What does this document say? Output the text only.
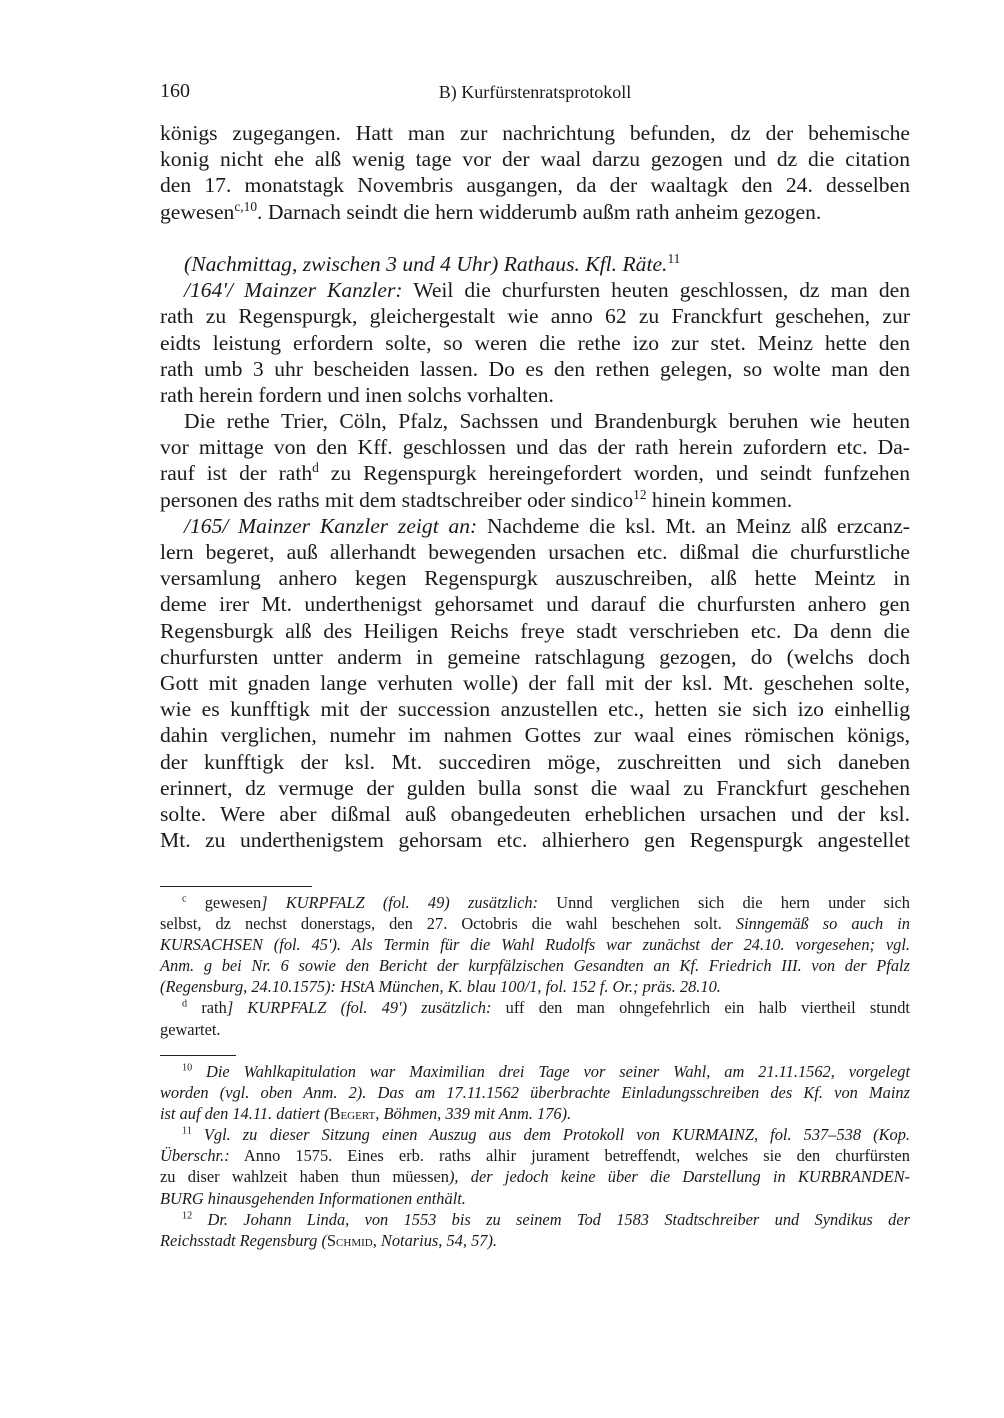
160	B) Kurfürstenratsprotokoll
königs zugegangen. Hatt man zur nachrichtung befunden, dz der behemische
konig nicht ehe alß wenig tage vor der waal darzu gezogen und dz die citation
den 17. monatstagk Novembris ausgangen, da der waaltagk den 24. desselben
gewesen$^{c,10}$. Darnach seindt die hern widderumb außm rath anheim gezogen.
(Nachmittag, zwischen 3 und 4 Uhr) Rathaus. Kfl. Räte.$^{11}$
/164'/ Mainzer Kanzler: Weil die churfursten heuten geschlossen, dz man den
rath zu Regenspurgk, gleichergestalt wie anno 62 zu Franckfurt geschehen, zur
eidts leistung erfordern solte, so weren die rethe izo zur stet. Meinz hette den
rath umb 3 uhr bescheiden lassen. Do es den rethen gelegen, so wolte man den
rath herein fordern und inen solchs vorhalten.
Die rethe Trier, Cöln, Pfalz, Sachssen und Brandenburgk beruhen wie heuten
vor mittage von den Kff. geschlossen und das der rath herein zufordern etc. Da-
rauf ist der rath$^d$ zu Regenspurgk hereingefordert worden, und seindt funfzehen
personen des raths mit dem stadtschreiber oder sindico$^{12}$ hinein kommen.
/165/ Mainzer Kanzler zeigt an: Nachdeme die ksl. Mt. an Meinz alß erzcanz-
lern begeret, auß allerhandt bewegenden ursachen etc. dißmal die churfurstliche
versamlung anhero kegen Regenspurgk auszuschreiben, alß hette Meintz in
deme irer Mt. underthenigst gehorsamet und darauf die churfursten anhero gen
Regensburgk alß des Heiligen Reichs freye stadt verschrieben etc. Da denn die
churfursten untter anderm in gemeine ratschlagung gezogen, do (welchs doch
Gott mit gnaden lange verhuten wolle) der fall mit der ksl. Mt. geschehen solte,
wie es kunfftigk mit der succession anzustellen etc., hetten sie sich izo einhellig
dahin verglichen, numehr im nahmen Gottes zur waal eines römischen königs,
der kunfftigk der ksl. Mt. succediren möge, zuschreitten und sich daneben
erinnert, dz vermuge der gulden bulla sonst die waal zu Franckfurt geschehen
solte. Were aber dißmal auß obangedeuten erheblichen ursachen und der ksl.
Mt. zu underthenigstem gehorsam etc. alhierhero gen Regenspurgk angestellet
$^c$ gewesen] KURPFALZ (fol. 49) zusätzlich: Unnd verglichen sich die hern under sich
selbst, dz nechst donerstags, den 27. Octobris die wahl beschehen solt. Sinngemäß so auch in
KURSACHSEN (fol. 45'). Als Termin für die Wahl Rudolfs war zunächst der 24.10. vorgesehen; vgl.
Anm. g bei Nr. 6 sowie den Bericht der kurpfälzischen Gesandten an Kf. Friedrich III. von der Pfalz
(Regensburg, 24.10.1575): HStA München, K. blau 100/1, fol. 152 f. Or.; präs. 28.10.
$^d$ rath] KURPFALZ (fol. 49') zusätzlich: uff den man ohngefehrlich ein halb viertheil stundt
gewartet.
$^{10}$ Die Wahlkapitulation war Maximilian drei Tage vor seiner Wahl, am 21.11.1562, vorgelegt
worden (vgl. oben Anm. 2). Das am 17.11.1562 überbrachte Einladungsschreiben des Kf. von Mainz
ist auf den 14.11. datiert (Begert, Böhmen, 339 mit Anm. 176).
$^{11}$ Vgl. zu dieser Sitzung einen Auszug aus dem Protokoll von KURMAINZ, fol. 537–538 (Kop.
Überschr.: Anno 1575. Eines erb. raths alhir jurament betreffendt, welches sie den churfürsten
zu diser wahlzeit haben thun müessen), der jedoch keine über die Darstellung in KURBRANDEN-
BURG hinausgehenden Informationen enthält.
$^{12}$ Dr. Johann Linda, von 1553 bis zu seinem Tod 1583 Stadtschreiber und Syndikus der
Reichsstadt Regensburg (Schmid, Notarius, 54, 57).
